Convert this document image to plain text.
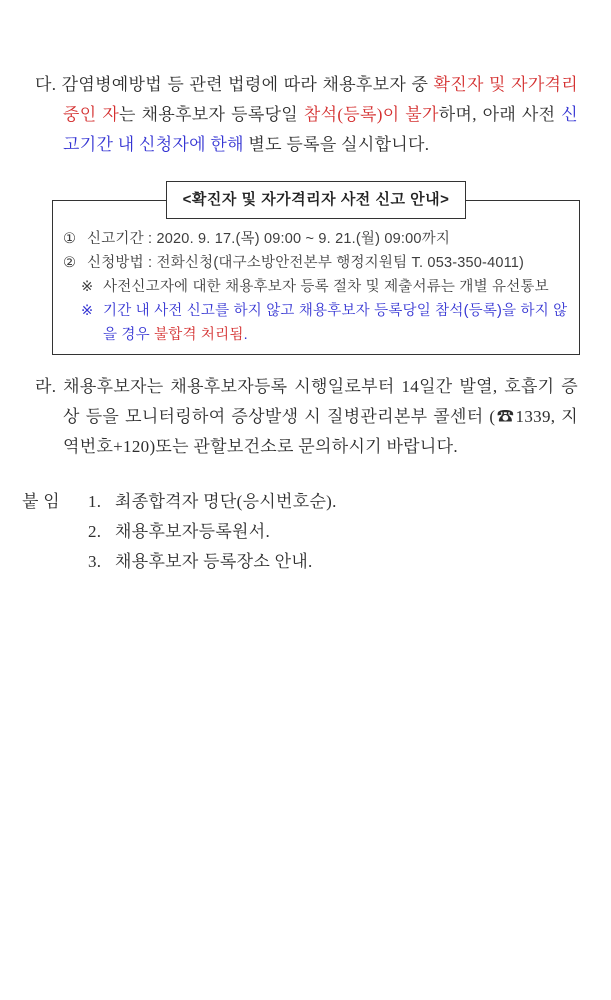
다. 감염병예방법 등 관련 법령에 따라 채용후보자 중 확진자 및 자가격리 중인 자는 채용후보자 등록당일 참석(등록)이 불가하며, 아래 사전 신고기간 내 신청자에 한해 별도 등록을 실시합니다.
<확진자 및 자가격리자 사전 신고 안내>
① 신고기간 : 2020. 9. 17.(목) 09:00 ~ 9. 21.(월) 09:00까지
② 신청방법 : 전화신청(대구소방안전본부 행정지원팀 T. 053-350-4011)
※ 사전신고자에 대한 채용후보자 등록 절차 및 제출서류는 개별 유선통보
※ 기간 내 사전 신고를 하지 않고 채용후보자 등록당일 참석(등록)을 하지 않을 경우 불합격 처리됨.
라. 채용후보자는 채용후보자등록 시행일로부터 14일간 발열, 호흡기 증상 등을 모니터링하여 증상발생 시 질병관리본부 콜센터 (☎1339, 지역번호+120)또는 관할보건소로 문의하시기 바랍니다.
붙 임	1. 최종합격자 명단(응시번호순).
2. 채용후보자등록원서.
3. 채용후보자 등록장소 안내.
